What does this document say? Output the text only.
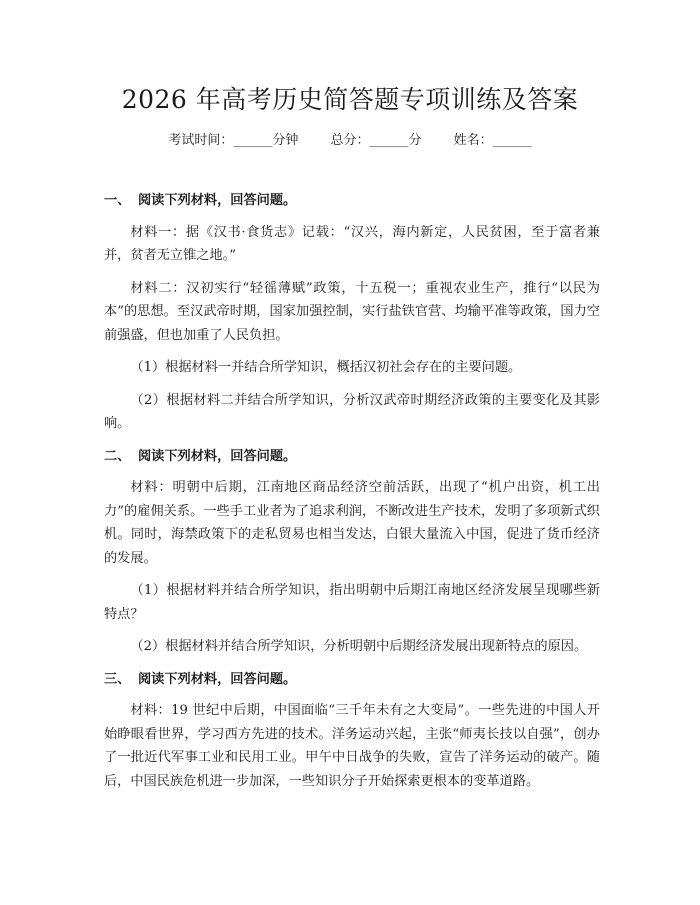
2026 年高考历史简答题专项训练及答案
考试时间：______分钟 总分：______分 姓名：______
一、 阅读下列材料，回答问题。

材料一：据《汉书·食货志》记载：“汉兴，海内新定，人民贫困，至于富者兼并，贫者无立锥之地。”

材料二：汉初实行“轻徭薄赋”政策，十五税一；重视农业生产，推行“以民为本”的思想。至汉武帝时期，国家加强控制，实行盐铁官营、均输平准等政策，国力空前强盛，但也加重了人民负担。

（1）根据材料一并结合所学知识，概括汉初社会存在的主要问题。

（2）根据材料二并结合所学知识，分析汉武帝时期经济政策的主要变化及其影响。

二、 阅读下列材料，回答问题。

材料：明朝中后期，江南地区商品经济空前活跃，出现了“机户出资，机工出力”的雇佣关系。一些手工业者为了追求利润，不断改进生产技术，发明了多项新式织机。同时，海禁政策下的走私贸易也相当发达，白银大量流入中国，促进了货币经济的发展。

（1）根据材料并结合所学知识，指出明朝中后期江南地区经济发展呈现哪些新特点？

（2）根据材料并结合所学知识，分析明朝中后期经济发展出现新特点的原因。

三、 阅读下列材料，回答问题。

材料：19 世纪中后期，中国面临“三千年未有之大变局”。一些先进的中国人开始睁眼看世界，学习西方先进的技术。洋务运动兴起，主张“师夷长技以自强”，创办了一批近代军事工业和民用工业。甲午中日战争的失败，宣告了洋务运动的破产。随后，中国民族危机进一步加深，一些知识分子开始探索更根本的变革道路。
